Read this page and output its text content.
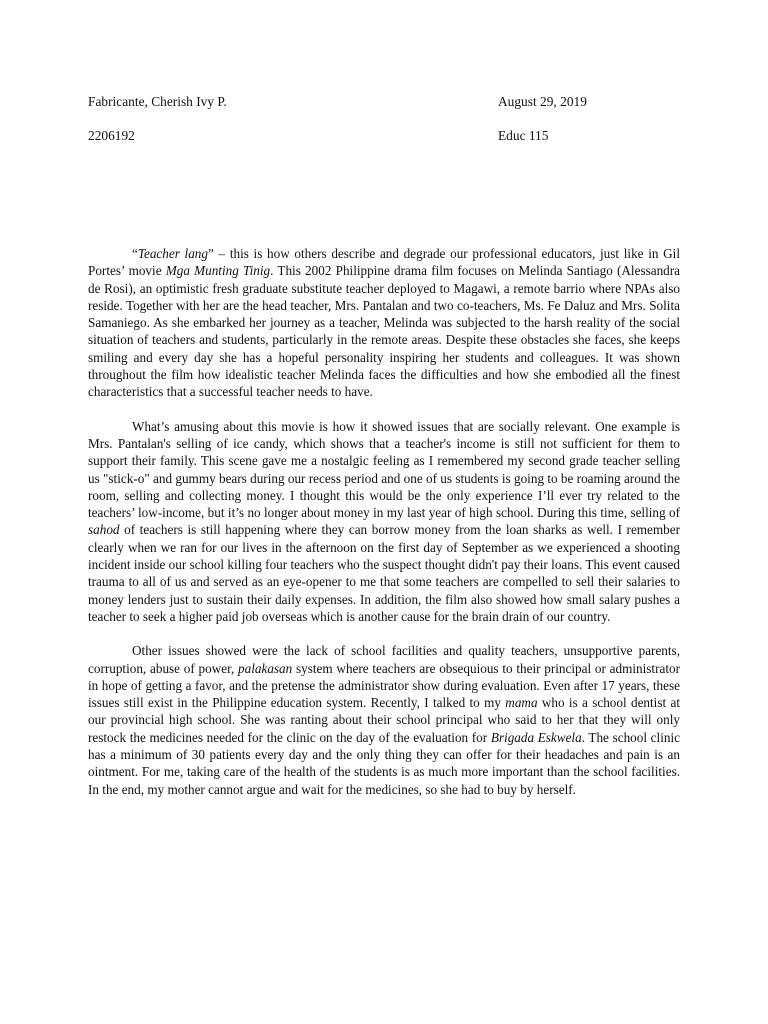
Fabricante, Cherish Ivy P.	August 29, 2019
2206192	Educ 115

“Teacher lang” – this is how others describe and degrade our professional educators, just like in Gil Portes’ movie Mga Munting Tinig. This 2002 Philippine drama film focuses on Melinda Santiago (Alessandra de Rosi), an optimistic fresh graduate substitute teacher deployed to Magawi, a remote barrio where NPAs also reside. Together with her are the head teacher, Mrs. Pantalan and two co-teachers, Ms. Fe Daluz and Mrs. Solita Samaniego. As she embarked her journey as a teacher, Melinda was subjected to the harsh reality of the social situation of teachers and students, particularly in the remote areas. Despite these obstacles she faces, she keeps smiling and every day she has a hopeful personality inspiring her students and colleagues. It was shown throughout the film how idealistic teacher Melinda faces the difficulties and how she embodied all the finest characteristics that a successful teacher needs to have.

What’s amusing about this movie is how it showed issues that are socially relevant. One example is Mrs. Pantalan's selling of ice candy, which shows that a teacher's income is still not sufficient for them to support their family. This scene gave me a nostalgic feeling as I remembered my second grade teacher selling us "stick-o" and gummy bears during our recess period and one of us students is going to be roaming around the room, selling and collecting money. I thought this would be the only experience I’ll ever try related to the teachers’ low-income, but it’s no longer about money in my last year of high school. During this time, selling of sahod of teachers is still happening where they can borrow money from the loan sharks as well. I remember clearly when we ran for our lives in the afternoon on the first day of September as we experienced a shooting incident inside our school killing four teachers who the suspect thought didn't pay their loans. This event caused trauma to all of us and served as an eye-opener to me that some teachers are compelled to sell their salaries to money lenders just to sustain their daily expenses. In addition, the film also showed how small salary pushes a teacher to seek a higher paid job overseas which is another cause for the brain drain of our country.

Other issues showed were the lack of school facilities and quality teachers, unsupportive parents, corruption, abuse of power, palakasan system where teachers are obsequious to their principal or administrator in hope of getting a favor, and the pretense the administrator show during evaluation. Even after 17 years, these issues still exist in the Philippine education system. Recently, I talked to my mama who is a school dentist at our provincial high school. She was ranting about their school principal who said to her that they will only restock the medicines needed for the clinic on the day of the evaluation for Brigada Eskwela. The school clinic has a minimum of 30 patients every day and the only thing they can offer for their headaches and pain is an ointment. For me, taking care of the health of the students is as much more important than the school facilities. In the end, my mother cannot argue and wait for the medicines, so she had to buy by herself.
